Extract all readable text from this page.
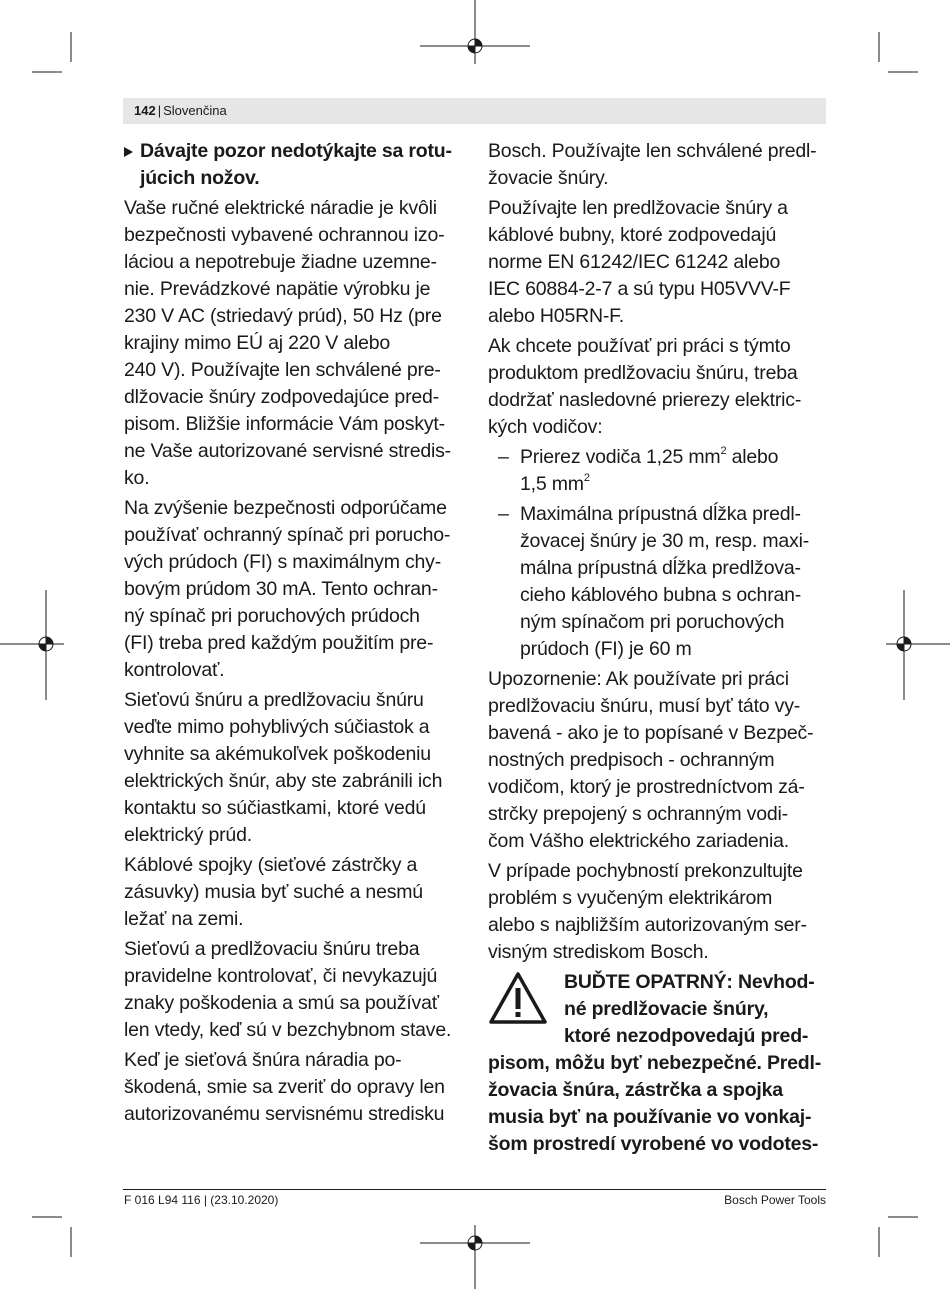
142 | Slovenčina

Dávajte pozor nedotýkajte sa rotu-
júcich nožov.

Vaše ručné elektrické náradie je kvôli
bezpečnosti vybavené ochrannou izo-
láciou a nepotrebuje žiadne uzemne-
nie. Prevádzkové napätie výrobku je
230 V AC (striedavý prúd), 50 Hz (pre
krajiny mimo EÚ aj 220 V alebo
240 V). Používajte len schválené pre-
dlžovacie šnúry zodpovedajúce pred-
pisom. Bližšie informácie Vám poskyt-
ne Vaše autorizované servisné stredis-
ko.

Na zvýšenie bezpečnosti odporúčame
používať ochranný spínač pri porucho-
vých prúdoch (FI) s maximálnym chy-
bovým prúdom 30 mA. Tento ochran-
ný spínač pri poruchových prúdoch
(FI) treba pred každým použitím pre-
kontrolovať.

Sieťovú šnúru a predlžovaciu šnúru
veďte mimo pohyblivých súčiastok a
vyhnite sa akémukoľvek poškodeniu
elektrických šnúr, aby ste zabránili ich
kontaktu so súčiastkami, ktoré vedú
elektrický prúd.

Káblové spojky (sieťové zástrčky a
zásuvky) musia byť suché a nesmú
ležať na zemi.

Sieťovú a predlžovaciu šnúru treba
pravidelne kontrolovať, či nevykazujú
znaky poškodenia a smú sa používať
len vtedy, keď sú v bezchybnom stave.

Keď je sieťová šnúra náradia po-
škodená, smie sa zveriť do opravy len
autorizovanému servisnému stredisku

Bosch. Používajte len schválené predl-
žovacie šnúry.

Používajte len predlžovacie šnúry a
káblové bubny, ktoré zodpovedajú
norme EN 61242/IEC 61242 alebo
IEC 60884-2-7 a sú typu H05VVV-F
alebo H05RN-F.

Ak chcete používať pri práci s týmto
produktom predlžovaciu šnúru, treba
dodržať nasledovné prierezy elektric-
kých vodičov:

– Prierez vodiča 1,25 $mm^2$ alebo
1,5 $mm^2$
– Maximálna prípustná dĺžka predl-
žovacej šnúry je 30 m, resp. maxi-
málna prípustná dĺžka predlžova-
cieho káblového bubna s ochran-
ným spínačom pri poruchových
prúdoch (FI) je 60 m

Upozornenie: Ak používate pri práci
predlžovaciu šnúru, musí byť táto vy-
bavená - ako je to popísané v Bezpeč-
nostných predpisoch - ochranným
vodičom, ktorý je prostredníctvom zá-
strčky prepojený s ochranným vodi-
čom Vášho elektrického zariadenia.

V prípade pochybností prekonzultujte
problém s vyučeným elektrikárom
alebo s najbližším autorizovaným ser-
visným strediskom Bosch.

BUĎTE OPATRNÝ: Nevhod-
né predlžovacie šnúry,
ktoré nezodpovedajú pred-
pisom, môžu byť nebezpečné. Predl-
žovacia šnúra, zástrčka a spojka
musia byť na používanie vo vonkaj-
šom prostredí vyrobené vo vodotes-
F 016 L94 116 | (23.10.2020)	Bosch Power Tools
